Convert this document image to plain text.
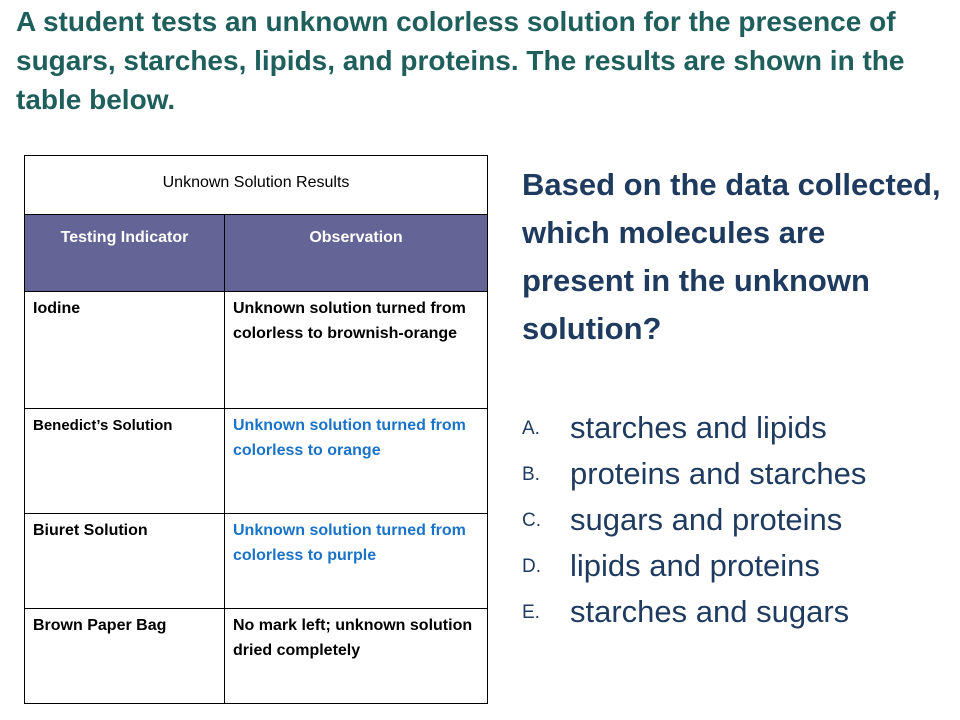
A student tests an unknown colorless solution for the presence of sugars, starches, lipids, and proteins. The results are shown in the table below.
Unknown Solution Results	
Testing Indicator	Observation
Iodine	Unknown solution turned from colorless to brownish-orange
Benedict’s Solution	Unknown solution turned from colorless to orange
Biuret Solution	Unknown solution turned from colorless to purple
Brown Paper Bag	No mark left; unknown solution dried completely
Based on the data collected, which molecules are present in the unknown solution?
A. starches and lipids
B. proteins and starches
C. sugars and proteins
D. lipids and proteins
E. starches and sugars
